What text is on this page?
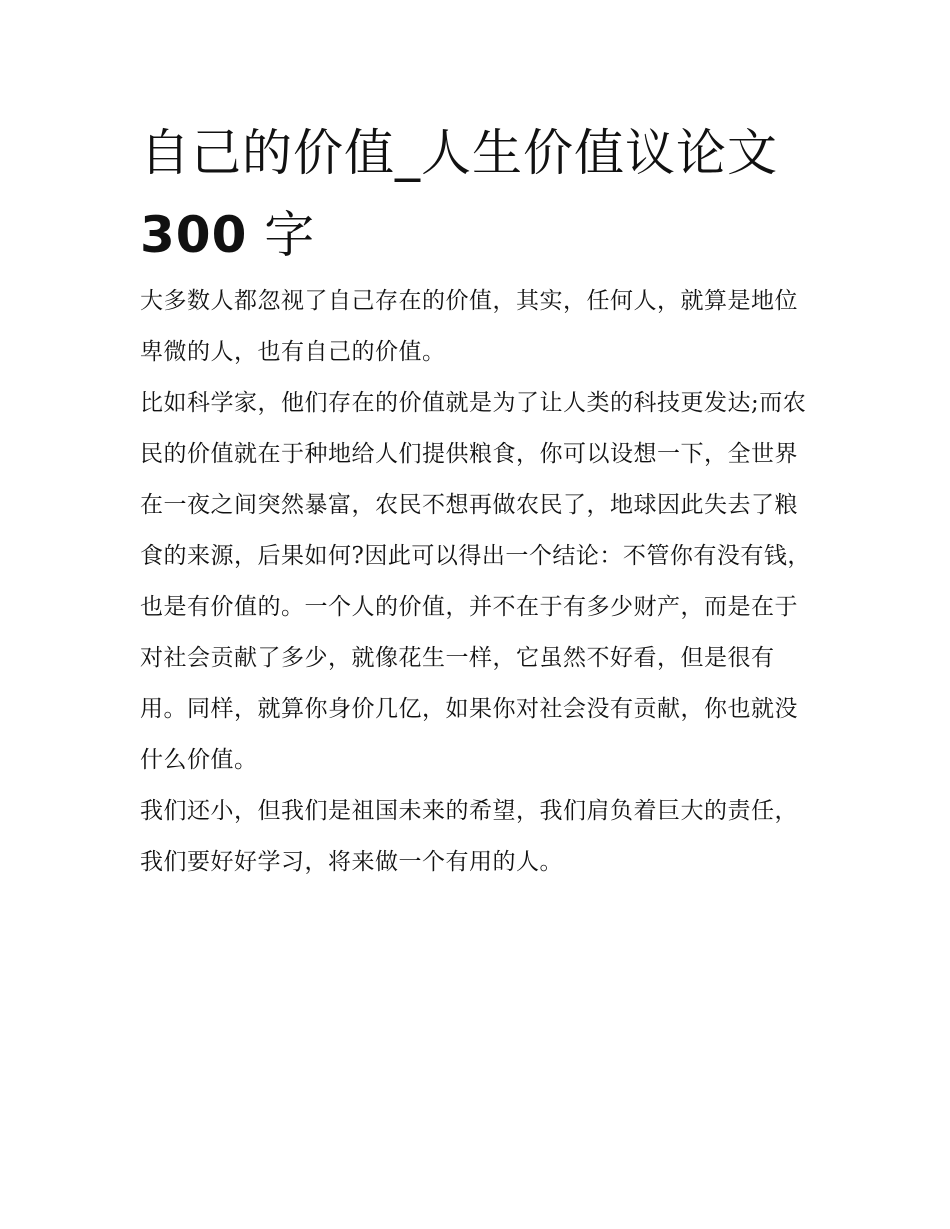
自己的价值_人生价值议论文
300 字

大多数人都忽视了自己存在的价值，其实，任何人，就算是地位卑微的人，也有自己的价值。

比如科学家，他们存在的价值就是为了让人类的科技更发达;而农民的价值就在于种地给人们提供粮食，你可以设想一下，全世界在一夜之间突然暴富，农民不想再做农民了，地球因此失去了粮食的来源，后果如何?因此可以得出一个结论：不管你有没有钱，也是有价值的。一个人的价值，并不在于有多少财产，而是在于对社会贡献了多少，就像花生一样，它虽然不好看，但是很有用。同样，就算你身价几亿，如果你对社会没有贡献，你也就没什么价值。

我们还小，但我们是祖国未来的希望，我们肩负着巨大的责任，我们要好好学习，将来做一个有用的人。
